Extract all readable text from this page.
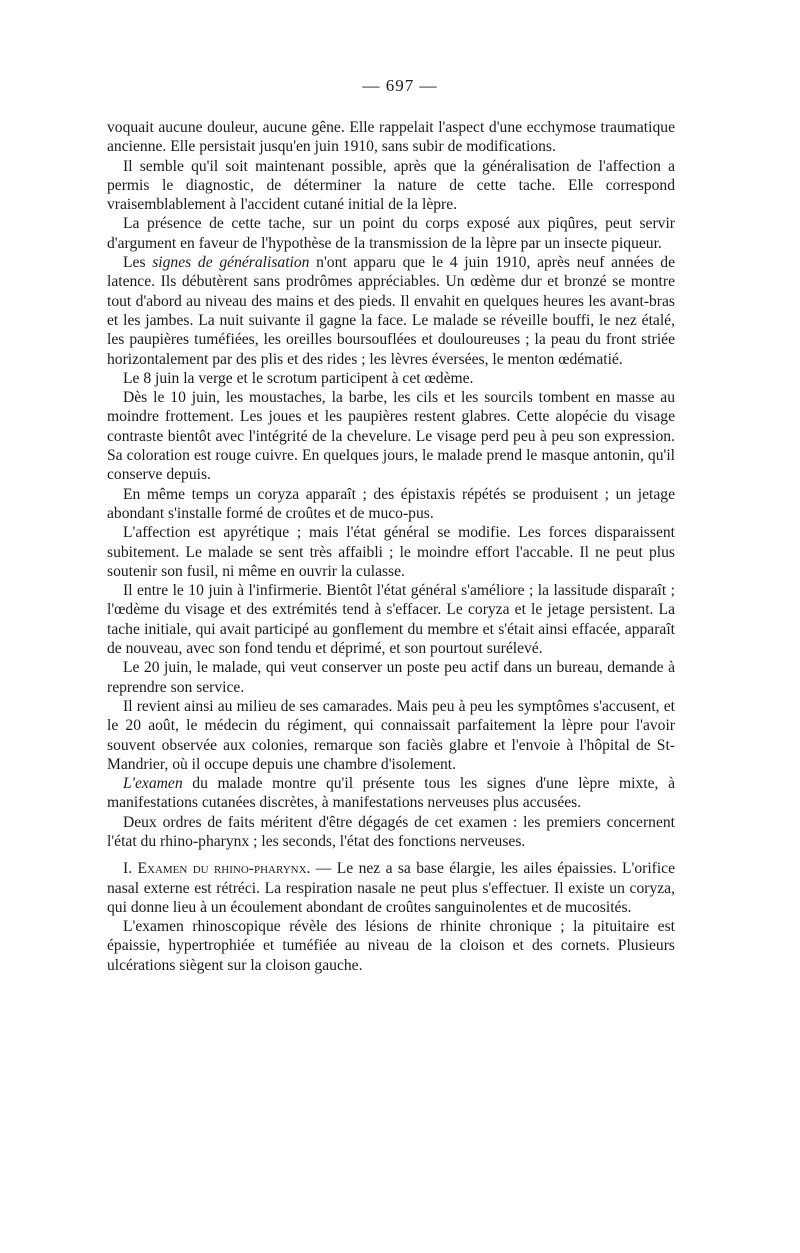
— 697 —

voquait aucune douleur, aucune gêne. Elle rappelait l'aspect d'une ecchymose traumatique ancienne. Elle persistait jusqu'en juin 1910, sans subir de modifications.

Il semble qu'il soit maintenant possible, après que la généralisation de l'affection a permis le diagnostic, de déterminer la nature de cette tache. Elle correspond vraisemblablement à l'accident cutané initial de la lèpre.

La présence de cette tache, sur un point du corps exposé aux piqûres, peut servir d'argument en faveur de l'hypothèse de la transmission de la lèpre par un insecte piqueur.

Les signes de généralisation n'ont apparu que le 4 juin 1910, après neuf années de latence. Ils débutèrent sans prodrômes appréciables. Un œdème dur et bronzé se montre tout d'abord au niveau des mains et des pieds. Il envahit en quelques heures les avant-bras et les jambes. La nuit suivante il gagne la face. Le malade se réveille bouffi, le nez étalé, les paupières tuméfiées, les oreilles boursouflées et douloureuses ; la peau du front striée horizontalement par des plis et des rides ; les lèvres éversées, le menton œdématié.

Le 8 juin la verge et le scrotum participent à cet œdème.

Dès le 10 juin, les moustaches, la barbe, les cils et les sourcils tombent en masse au moindre frottement. Les joues et les paupières restent glabres. Cette alopécie du visage contraste bientôt avec l'intégrité de la chevelure. Le visage perd peu à peu son expression. Sa coloration est rouge cuivre. En quelques jours, le malade prend le masque antonin, qu'il conserve depuis.

En même temps un coryza apparaît ; des épistaxis répétés se produisent ; un jetage abondant s'installe formé de croûtes et de muco-pus.

L'affection est apyrétique ; mais l'état général se modifie. Les forces disparaissent subitement. Le malade se sent très affaibli ; le moindre effort l'accable. Il ne peut plus soutenir son fusil, ni même en ouvrir la culasse.

Il entre le 10 juin à l'infirmerie. Bientôt l'état général s'améliore ; la lassitude disparaît ; l'œdème du visage et des extrémités tend à s'effacer. Le coryza et le jetage persistent. La tache initiale, qui avait participé au gonflement du membre et s'était ainsi effacée, apparaît de nouveau, avec son fond tendu et déprimé, et son pourtout surélevé.

Le 20 juin, le malade, qui veut conserver un poste peu actif dans un bureau, demande à reprendre son service.

Il revient ainsi au milieu de ses camarades. Mais peu à peu les symptômes s'accusent, et le 20 août, le médecin du régiment, qui connaissait parfaitement la lèpre pour l'avoir souvent observée aux colonies, remarque son faciès glabre et l'envoie à l'hôpital de St-Mandrier, où il occupe depuis une chambre d'isolement.

L'examen du malade montre qu'il présente tous les signes d'une lèpre mixte, à manifestations cutanées discrètes, à manifestations nerveuses plus accusées.

Deux ordres de faits méritent d'être dégagés de cet examen : les premiers concernent l'état du rhino-pharynx ; les seconds, l'état des fonctions nerveuses.

I. Examen du rhino-pharynx. — Le nez a sa base élargie, les ailes épaissies. L'orifice nasal externe est rétréci. La respiration nasale ne peut plus s'effectuer. Il existe un coryza, qui donne lieu à un écoulement abondant de croûtes sanguinolentes et de mucosités.

L'examen rhinoscopique révèle des lésions de rhinite chronique ; la pituitaire est épaissie, hypertrophiée et tuméfiée au niveau de la cloison et des cornets. Plusieurs ulcérations siègent sur la cloison gauche.
